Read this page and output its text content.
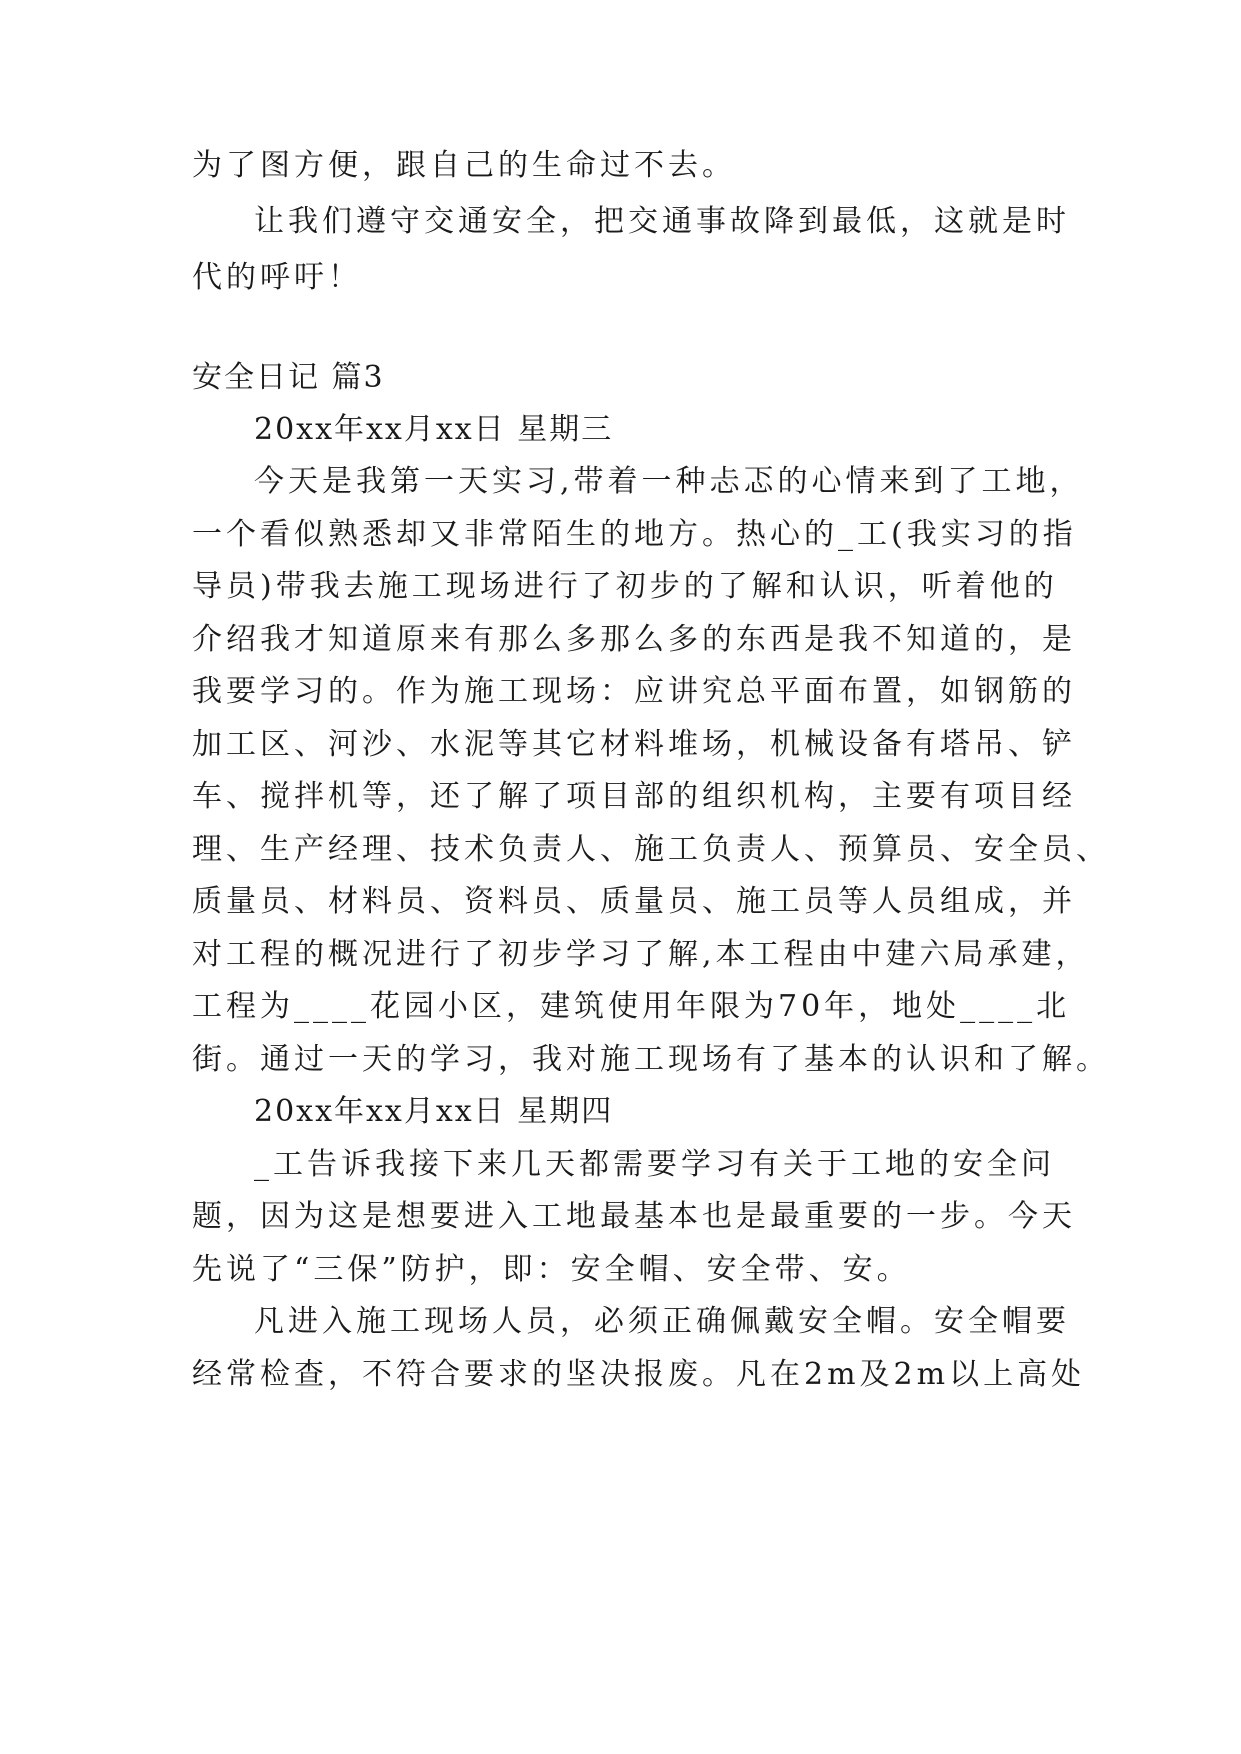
为了图方便，跟自己的生命过不去。
让我们遵守交通安全，把交通事故降到最低，这就是时
代的呼吁！
安全日记 篇3
20xx年xx月xx日 星期三
今天是我第一天实习,带着一种忐忑的心情来到了工地，
一个看似熟悉却又非常陌生的地方。热心的_工(我实习的指
导员)带我去施工现场进行了初步的了解和认识，听着他的
介绍我才知道原来有那么多那么多的东西是我不知道的，是
我要学习的。作为施工现场：应讲究总平面布置，如钢筋的
加工区、河沙、水泥等其它材料堆场，机械设备有塔吊、铲
车、搅拌机等，还了解了项目部的组织机构，主要有项目经
理、生产经理、技术负责人、施工负责人、预算员、安全员、
质量员、材料员、资料员、质量员、施工员等人员组成，并
对工程的概况进行了初步学习了解,本工程由中建六局承建，
工程为____花园小区，建筑使用年限为70年，地处____北
街。通过一天的学习，我对施工现场有了基本的认识和了解。
20xx年xx月xx日 星期四
_工告诉我接下来几天都需要学习有关于工地的安全问
题，因为这是想要进入工地最基本也是最重要的一步。今天
先说了“三保”防护，即：安全帽、安全带、安。
凡进入施工现场人员，必须正确佩戴安全帽。安全帽要
经常检查，不符合要求的坚决报废。凡在2m及2m以上高处
